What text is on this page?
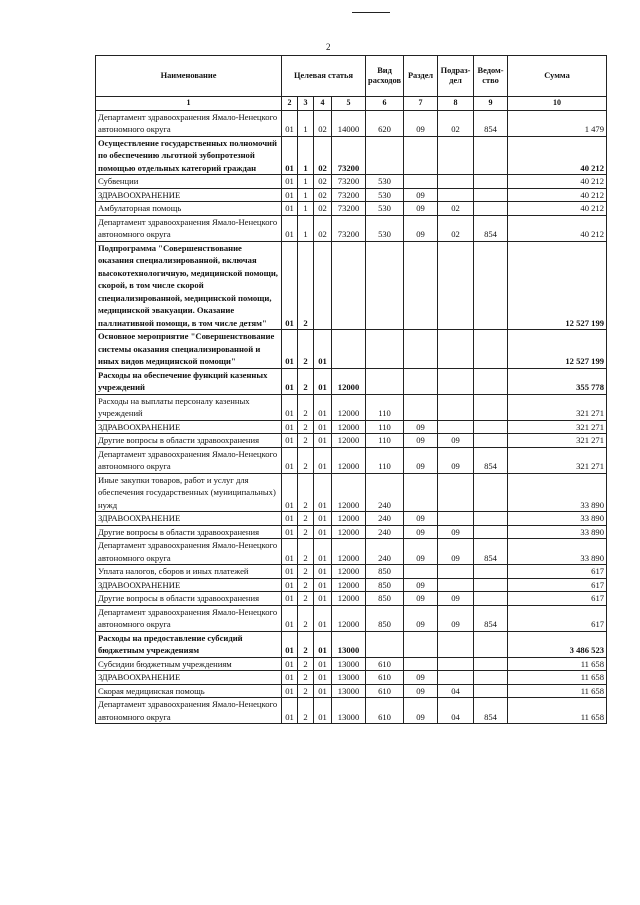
2
Наименование	Целевая статья				Вид расходов	Раздел	Подраз-дел	Ведом-ство	Сумма
1	2	3	4	5	6	7	8	9	10
Департамент здравоохранения Ямало-Ненецкого автономного округа	01	1	02	14000	620	09	02	854	1 479
Осуществление государственных полномочий по обеспечению льготной зубопротезной помощью отдельных категорий граждан	01	1	02	73200					40 212
Субвенции	01	1	02	73200	530				40 212
ЗДРАВООХРАНЕНИЕ	01	1	02	73200	530	09			40 212
Амбулаторная помощь	01	1	02	73200	530	09	02		40 212
Департамент здравоохранения Ямало-Ненецкого автономного округа	01	1	02	73200	530	09	02	854	40 212
Подпрограмма "Совершенствование оказания специализированной, включая высокотехнологичную, медицинской помощи, скорой, в том числе скорой специализированной, медицинской помощи, медицинской эвакуации. Оказание паллиативной помощи, в том числе детям"	01	2							12 527 199
Основное мероприятие "Совершенствование системы оказания специализированной и иных видов медицинской помощи"	01	2	01						12 527 199
Расходы на обеспечение функций казенных учреждений	01	2	01	12000					355 778
Расходы на выплаты персоналу казенных учреждений	01	2	01	12000	110				321 271
ЗДРАВООХРАНЕНИЕ	01	2	01	12000	110	09			321 271
Другие вопросы в области здравоохранения	01	2	01	12000	110	09	09		321 271
Департамент здравоохранения Ямало-Ненецкого автономного округа	01	2	01	12000	110	09	09	854	321 271
Иные закупки товаров, работ и услуг для обеспечения государственных (муниципальных) нужд	01	2	01	12000	240				33 890
ЗДРАВООХРАНЕНИЕ	01	2	01	12000	240	09			33 890
Другие вопросы в области здравоохранения	01	2	01	12000	240	09	09		33 890
Департамент здравоохранения Ямало-Ненецкого автономного округа	01	2	01	12000	240	09	09	854	33 890
Уплата налогов, сборов и иных платежей	01	2	01	12000	850				617
ЗДРАВООХРАНЕНИЕ	01	2	01	12000	850	09			617
Другие вопросы в области здравоохранения	01	2	01	12000	850	09	09		617
Департамент здравоохранения Ямало-Ненецкого автономного округа	01	2	01	12000	850	09	09	854	617
Расходы на предоставление субсидий бюджетным учреждениям	01	2	01	13000					3 486 523
Субсидии бюджетным учреждениям	01	2	01	13000	610				11 658
ЗДРАВООХРАНЕНИЕ	01	2	01	13000	610	09			11 658
Скорая медицинская помощь	01	2	01	13000	610	09	04		11 658
Департамент здравоохранения Ямало-Ненецкого автономного округа	01	2	01	13000	610	09	04	854	11 658
